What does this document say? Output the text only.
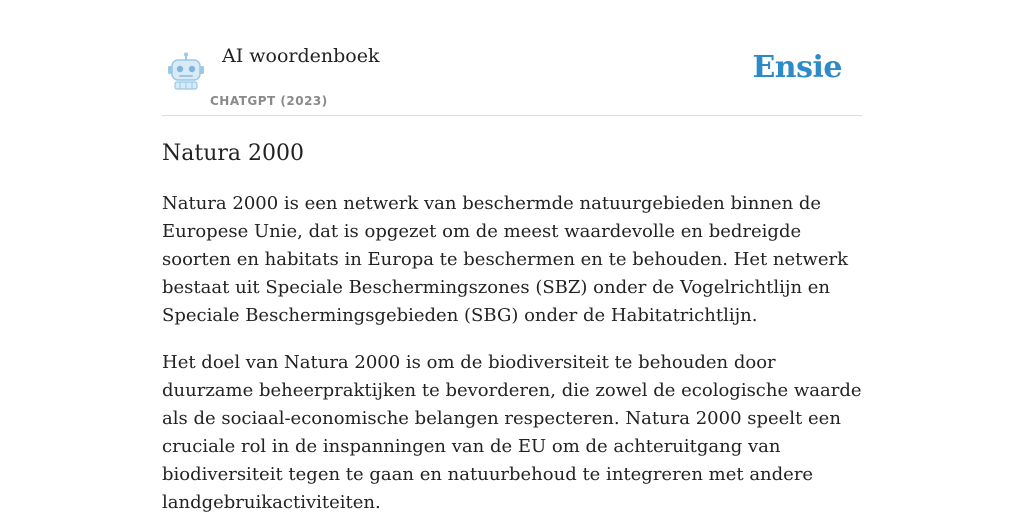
AI woordenboek
CHATGPT (2023)
Ensie
Natura 2000

Natura 2000 is een netwerk van beschermde natuurgebieden binnen de Europese Unie, dat is opgezet om de meest waardevolle en bedreigde soorten en habitats in Europa te beschermen en te behouden. Het netwerk bestaat uit Speciale Beschermingszones (SBZ) onder de Vogelrichtlijn en Speciale Beschermingsgebieden (SBG) onder de Habitatrichtlijn.

Het doel van Natura 2000 is om de biodiversiteit te behouden door duurzame beheerpraktijken te bevorderen, die zowel de ecologische waarde als de sociaal-economische belangen respecteren. Natura 2000 speelt een cruciale rol in de inspanningen van de EU om de achteruitgang van biodiversiteit tegen te gaan en natuurbehoud te integreren met andere landgebruikactiviteiten.
